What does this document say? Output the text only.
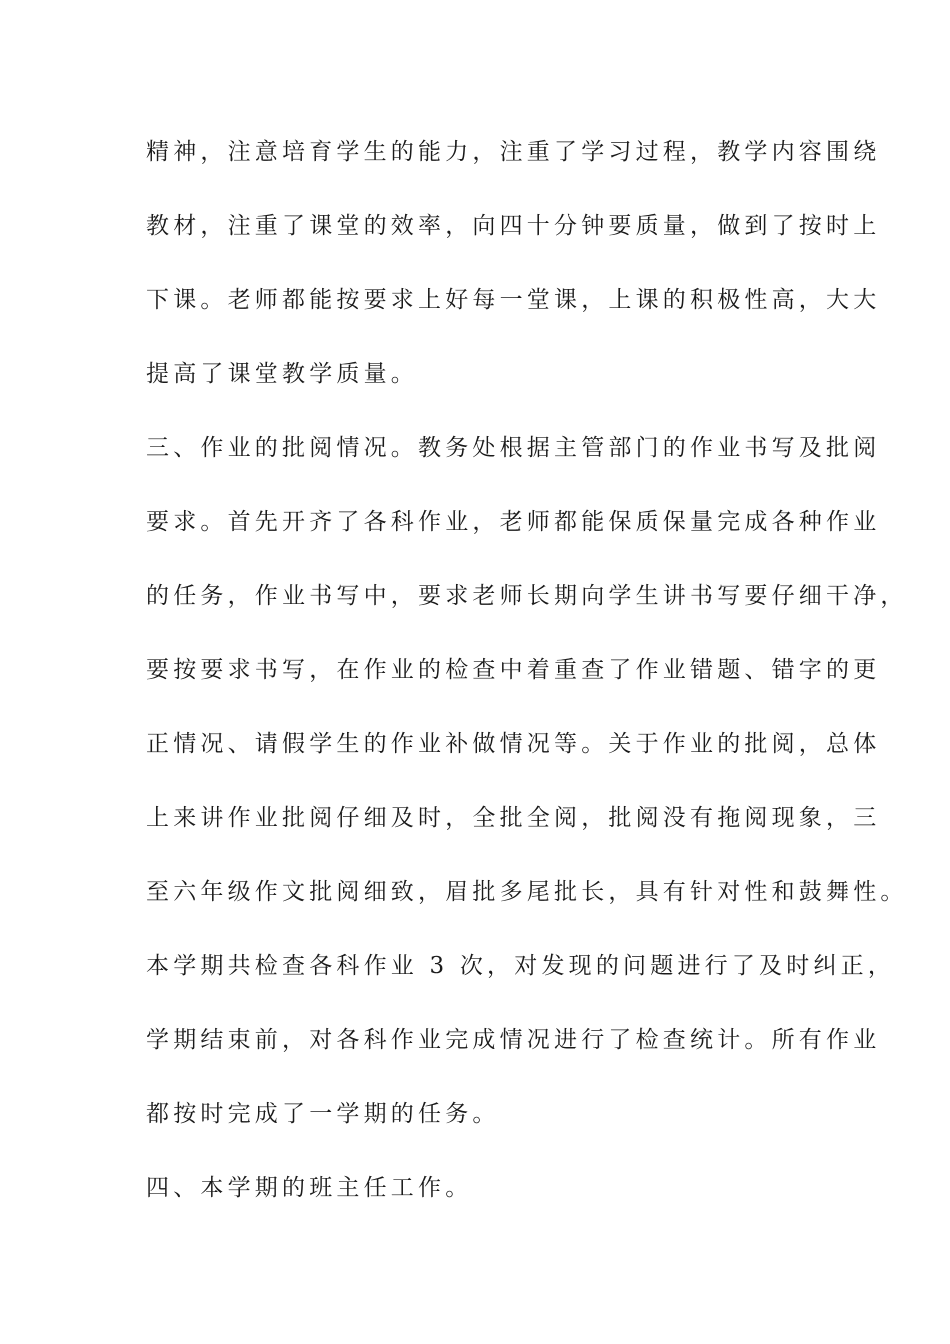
精神，注意培育学生的能力，注重了学习过程，教学内容围绕
教材，注重了课堂的效率，向四十分钟要质量，做到了按时上
下课。老师都能按要求上好每一堂课，上课的积极性高，大大
提高了课堂教学质量。
三、作业的批阅情况。教务处根据主管部门的作业书写及批阅
要求。首先开齐了各科作业，老师都能保质保量完成各种作业
的任务，作业书写中，要求老师长期向学生讲书写要仔细干净，
要按要求书写，在作业的检查中着重查了作业错题、错字的更
正情况、请假学生的作业补做情况等。关于作业的批阅，总体
上来讲作业批阅仔细及时，全批全阅，批阅没有拖阅现象，三
至六年级作文批阅细致，眉批多尾批长，具有针对性和鼓舞性。
本学期共检查各科作业 3 次，对发现的问题进行了及时纠正，
学期结束前，对各科作业完成情况进行了检查统计。所有作业
都按时完成了一学期的任务。
四、本学期的班主任工作。
